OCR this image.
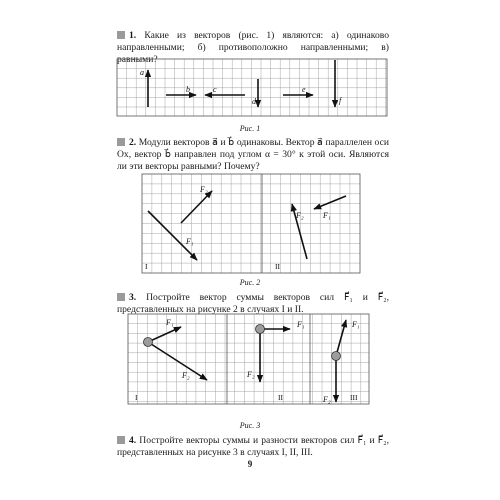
1. Какие из векторов (рис. 1) являются: а) одинаково направленными; б) противоположно направленными; в) равными?
2. Модули векторов a⃗ и b⃗ одинаковы. Вектор a⃗ параллелен оси Ox, вектор b⃗ направлен под углом α = 30° к этой оси. Являются ли эти векторы равными? Почему?
3. Постройте вектор суммы векторов сил F⃗₁ и F⃗₂, представленных на рисунке 2 в случаях I и II.
4. Постройте векторы суммы и разности векторов сил F⃗₁ и F⃗₂, представленных на рисунке 3 в случаях I, II, III.
Рис. 1
Рис. 2
Рис. 3
9
a
b	c
d
e
f
F₂
F₁
F₂ F₁
I	II
F₁
F₂
F₁
F₂
F₁
F₂
I	II	III
